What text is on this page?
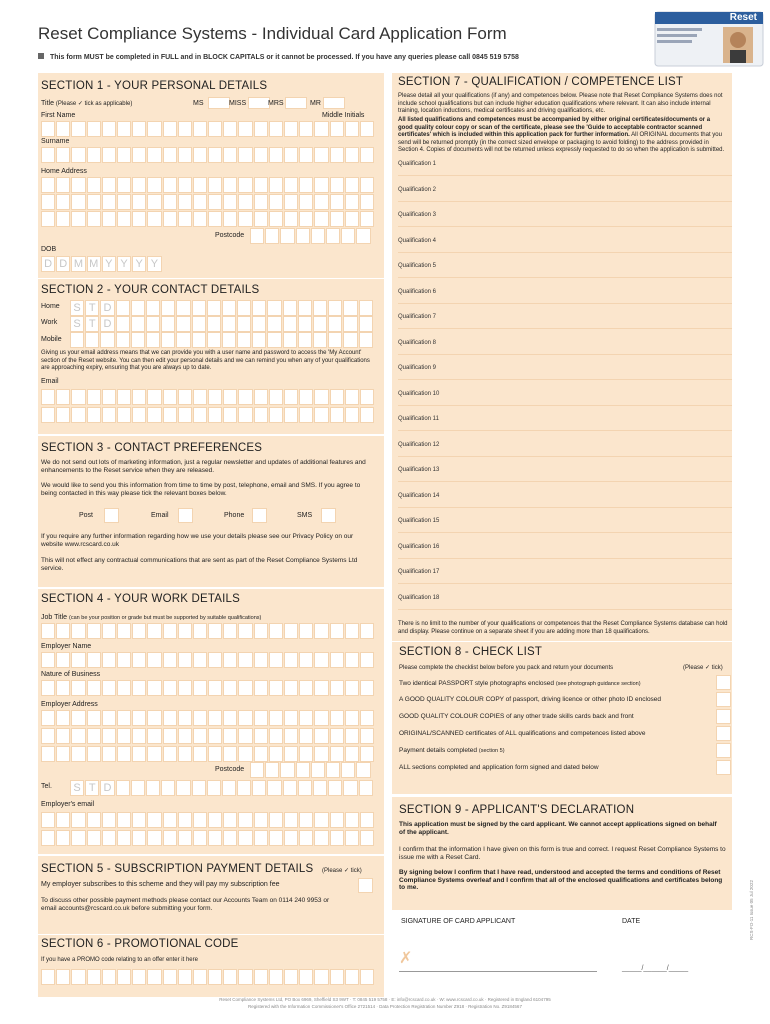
Reset Compliance Systems - Individual Card Application Form
This form MUST be completed in FULL and in BLOCK CAPITALS or it cannot be processed. If you have any queries please call 0845 519 5758
Reset
SECTION 1 - YOUR PERSONAL DETAILS
Title (Please ✓ tick as applicable)	MS	MISS	MRS	MR
First Name	Middle Initials
Surname
Home Address
Postcode
DOB
D D M M Y Y Y Y
SECTION 2 - YOUR CONTACT DETAILS
Home	S T D
Work	S T D
Mobile
Giving us your email address means that we can provide you with a user name and password to access the 'My Account' section of the Reset website. You can then edit your personal details and we can remind you when any of your qualifications are approaching expiry, ensuring that you are always up to date.
Email
SECTION 3 - CONTACT PREFERENCES
We do not send out lots of marketing information, just a regular newsletter and updates of additional features and enhancements to the Reset service when they are released.
We would like to send you this information from time to time by post, telephone, email and SMS. If you agree to being contacted in this way please tick the relevant boxes below.
Post	Email	Phone	SMS
If you require any further information regarding how we use your details please see our Privacy Policy on our website www.rcscard.co.uk
This will not effect any contractual communications that are sent as part of the Reset Compliance Systems Ltd service.
SECTION 4 - YOUR WORK DETAILS
Job Title (can be your position or grade but must be supported by suitable qualifications)
Employer Name
Nature of Business
Employer Address
Postcode
Tel.	S T D
Employer's email
SECTION 5 - SUBSCRIPTION PAYMENT DETAILS (Please ✓ tick)
My employer subscribes to this scheme and they will pay my subscription fee
To discuss other possible payment methods please contact our Accounts Team on 0114 240 9953 or email accounts@rcscard.co.uk before submitting your form.
SECTION 6 - PROMOTIONAL CODE
If you have a PROMO code relating to an offer enter it here
SECTION 7 - QUALIFICATION / COMPETENCE LIST
Please detail all your qualifications (if any) and competences below. Please note that Reset Compliance Systems does not include school qualifications but can include higher education qualifications where relevant. It can also include internal training, location inductions, medical certificates and driving qualifications, etc.
All listed qualifications and competences must be accompanied by either original certificates/documents or a good quality colour copy or scan of the certificate, please see the 'Guide to acceptable contractor scanned certificates' which is included within this application pack for further information. All ORIGINAL documents that you send will be returned promptly (in the correct sized envelope or packaging to avoid folding) to the address provided in Section 4. Copies of documents will not be returned unless expressly requested to do so when the application is submitted.
Qualification 1
Qualification 2
Qualification 3
Qualification 4
Qualification 5
Qualification 6
Qualification 7
Qualification 8
Qualification 9
Qualification 10
Qualification 11
Qualification 12
Qualification 13
Qualification 14
Qualification 15
Qualification 16
Qualification 17
Qualification 18
There is no limit to the number of your qualifications or competences that the Reset Compliance Systems database can hold and display. Please continue on a separate sheet if you are adding more than 18 qualifications.
SECTION 8 - CHECK LIST
Please complete the checklist below before you pack and return your documents	(Please ✓ tick)
Two identical PASSPORT style photographs enclosed (see photograph guidance section)
A GOOD QUALITY COLOUR COPY of passport, driving licence or other photo ID enclosed
GOOD QUALITY COLOUR COPIES of any other trade skills cards back and front
ORIGINAL/SCANNED certificates of ALL qualifications and competences listed above
Payment details completed (section 5)
ALL sections completed and application form signed and dated below
SECTION 9 - APPLICANT'S DECLARATION
This application must be signed by the card applicant. We cannot accept applications signed on behalf of the applicant.
I confirm that the information I have given on this form is true and correct. I request Reset Compliance Systems to issue me with a Reset Card.
By signing below I confirm that I have read, understood and accepted the terms and conditions of Reset Compliance Systems overleaf and I confirm that all of the enclosed qualifications and certificates belong to me.
SIGNATURE OF CARD APPLICANT	DATE
✗
_____/______/_____
Reset Compliance Systems Ltd, PO Box 6969, Sheffield S3 9WT · T: 0845 519 5758 · E: info@rcscard.co.uk · W: www.rcscard.co.uk · Registered in England 6104795
Registered with the Information Commissioner's Office 2721514 · Data Protection Registration Number Z918 · Registration No. Z9184567
RCS-FO-11 Issue 05 Jul 2022
